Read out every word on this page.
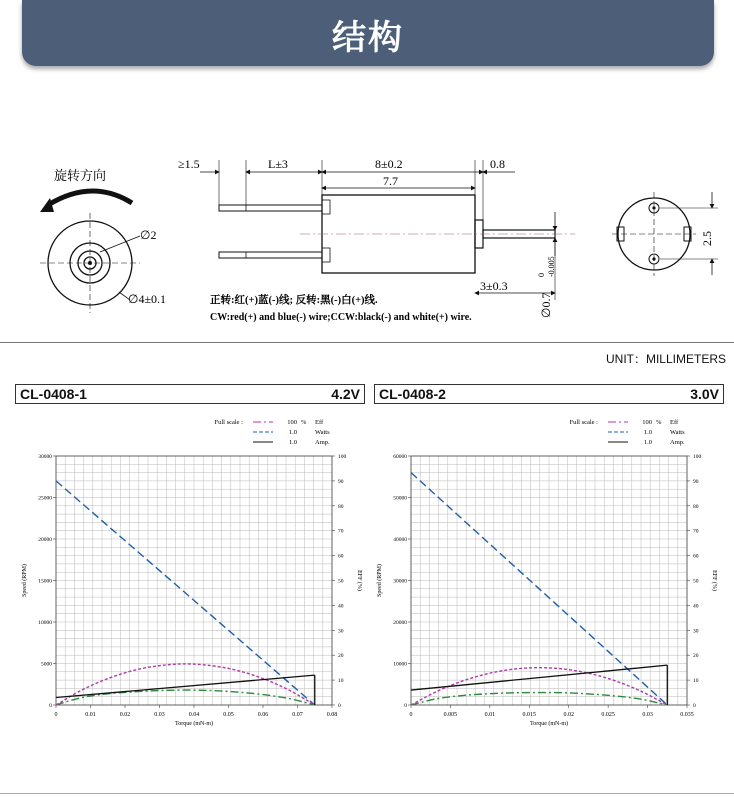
结构
旋转方向
∅2
∅4±0.1
≥1.5	L±3	8±0.2	0.8
7.7
3±0.3
∅0.7
0 -0.005
2.5
正转:红(+)蓝(-)线; 反转:黑(-)白(+)线.
CW:red(+) and blue(-) wire;CCW:black(-) and white(+) wire.
UNIT：MILLIMETERS
CL-0408-1	4.2V CL-0408-2	3.0V
Full scale :	100 % Eff
1.0	Watts
1.0	Amp.
0	0.01	0.02	0.03	0.04	0.05	0.06	0.07	0.08
Torque (mN-m)
0
5000
10000
15000
20000
25000
30000
Speed (RPM)
0
10
20
30
40
50
60
70
80
90
100
EFF (%)
Full scale :	100 % Eff
1.0	Watts
1.0	Amp.
0	0.005	0.01	0.015	0.02	0.025	0.03	0.035
Torque (mN-m)
0
10000
20000
30000
40000
50000
60000
Speed (RPM)
0
10
20
30
40
50
60
70
80
90
100
EFF (%)
